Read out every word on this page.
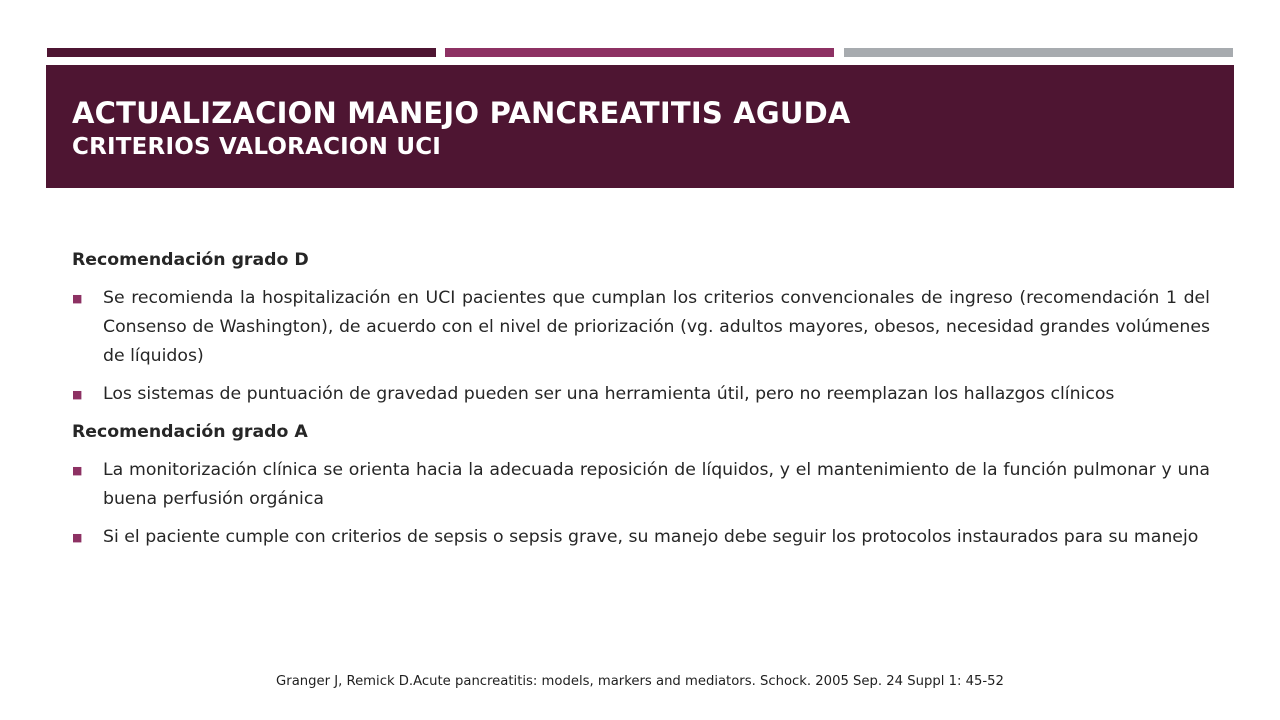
ACTUALIZACION MANEJO PANCREATITIS AGUDA
CRITERIOS VALORACION UCI
Recomendación grado D
■	Se recomienda la hospitalización en UCI pacientes que cumplan los criterios convencionales de ingreso (recomendación 1 del Consenso de Washington), de acuerdo con el nivel de priorización (vg. adultos mayores, obesos, necesidad grandes volúmenes de líquidos)
■	Los sistemas de puntuación de gravedad pueden ser una herramienta útil, pero no reemplazan los hallazgos clínicos
Recomendación grado A
■	La monitorización clínica se orienta hacia la adecuada reposición de líquidos, y el mantenimiento de la función pulmonar y una buena perfusión orgánica
■	Si el paciente cumple con criterios de sepsis o sepsis grave, su manejo debe seguir los protocolos instaurados para su manejo
Granger J, Remick D.Acute pancreatitis: models, markers and mediators. Schock. 2005 Sep. 24 Suppl 1: 45-52
